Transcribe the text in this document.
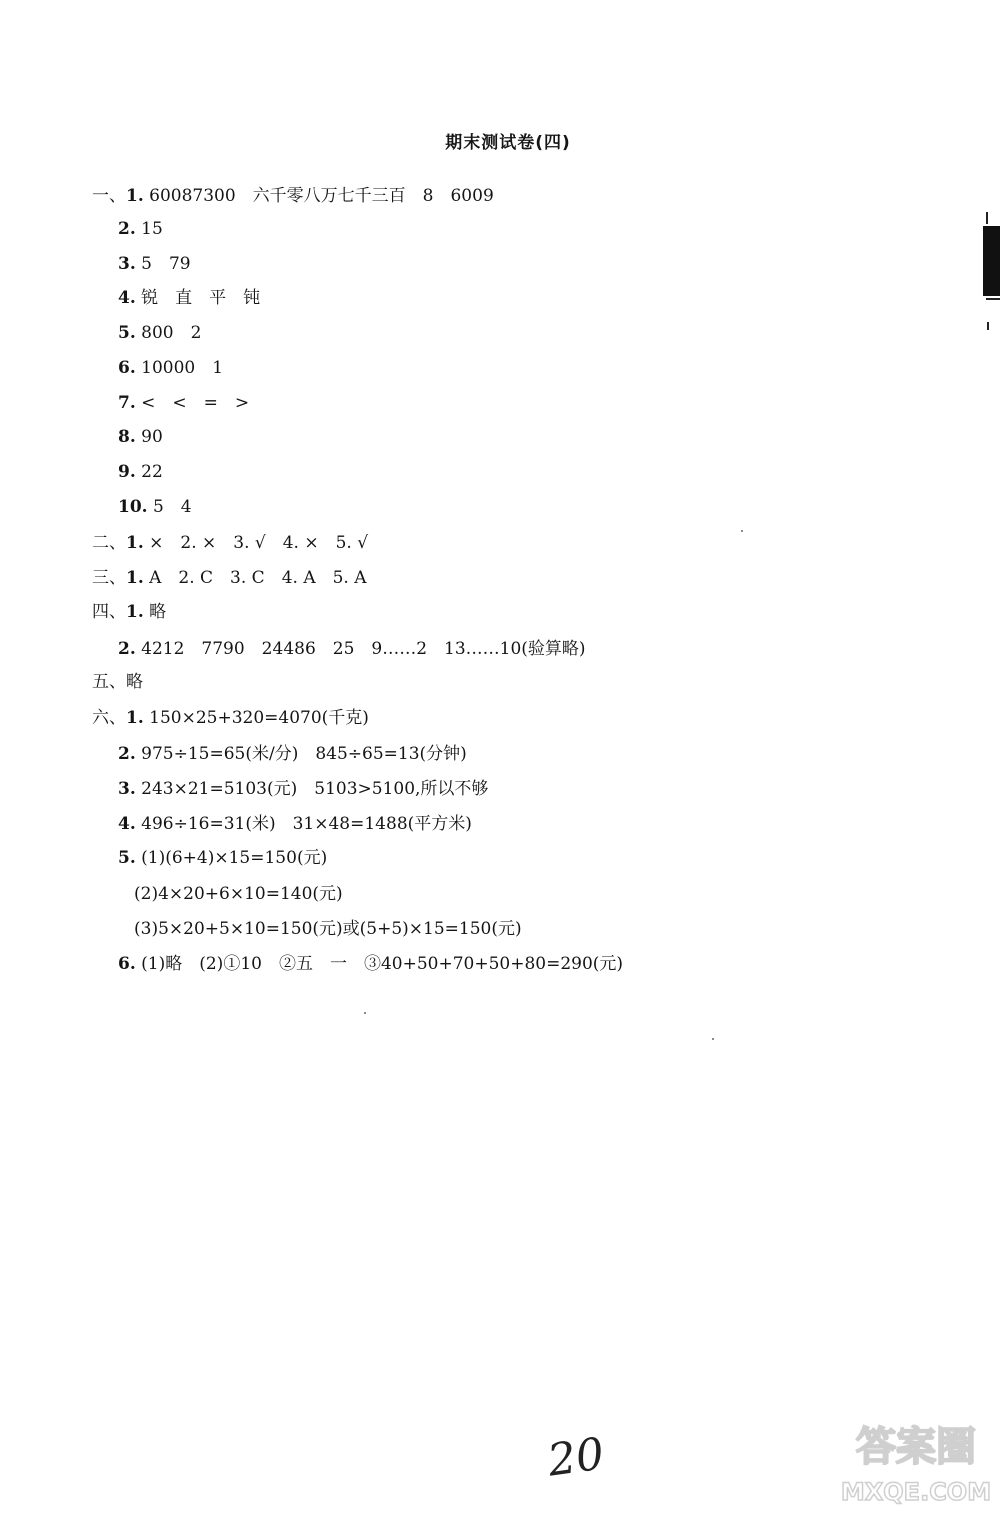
期末测试卷(四)
一、1. 60087300　六千零八万七千三百　8　6009
2. 15
3. 5　79
4. 锐　直　平　钝
5. 800　2
6. 10000　1
7. <　<　=　>
8. 90
9. 22
10. 5　4
二、1. ×　2. ×　3. √　4. ×　5. √
三、1. A　2. C　3. C　4. A　5. A
四、1. 略
2. 4212　7790　24486　25　9……2　13……10(验算略)
五、略
六、1. 150×25+320=4070(千克)
2. 975÷15=65(米/分)　845÷65=13(分钟)
3. 243×21=5103(元)　5103>5100,所以不够
4. 496÷16=31(米)　31×48=1488(平方米)
5. (1)(6+4)×15=150(元)
(2)4×20+6×10=140(元)
(3)5×20+5×10=150(元)或(5+5)×15=150(元)
6. (1)略　(2)①10　②五　一　③40+50+70+50+80=290(元)
20	答案圈
MXQE.COM
